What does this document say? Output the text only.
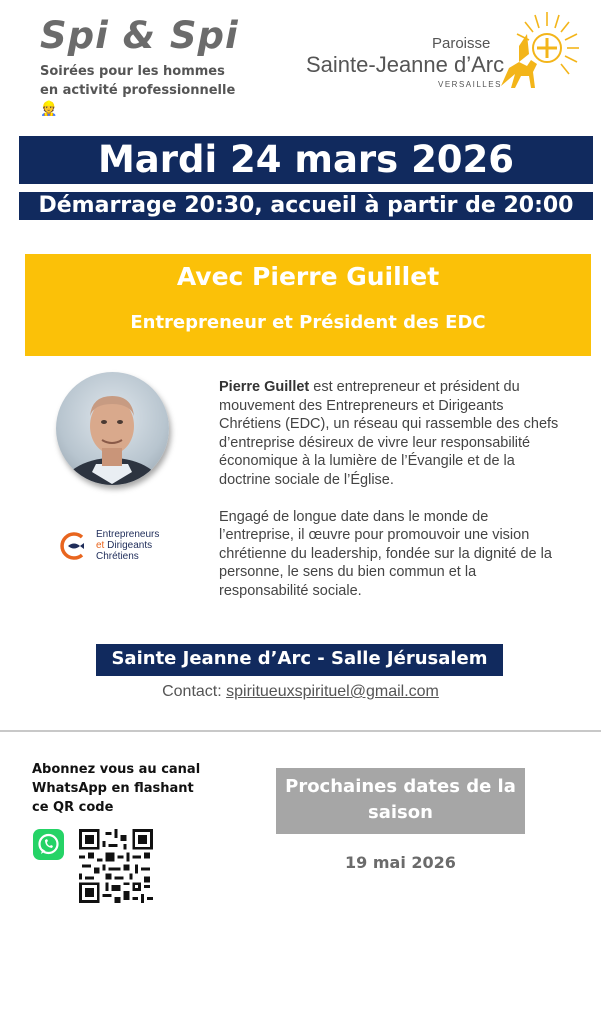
Spi & Spi
Soirées pour les hommes en activité professionnelle 👷
Paroisse
Sainte-Jeanne d’Arc
VERSAILLES
Mardi 24 mars 2026
Démarrage 20:30, accueil à partir de 20:00
Avec Pierre Guillet
Entrepreneur et Président des EDC
Entrepreneurs
et Dirigeants
Chrétiens

Pierre Guillet est entrepreneur et président du mouvement des Entrepreneurs et Dirigeants Chrétiens (EDC), un réseau qui rassemble des chefs d’entreprise désireux de vivre leur responsabilité économique à la lumière de l’Évangile et de la doctrine sociale de l’Église.

Engagé de longue date dans le monde de l’entreprise, il œuvre pour promouvoir une vision chrétienne du leadership, fondée sur la dignité de la personne, le sens du bien commun et la responsabilité sociale.

Sainte Jeanne d’Arc - Salle Jérusalem
Contact: spiritueuxspirituel@gmail.com
Abonnez vous au canal WhatsApp en flashant ce QR code
Prochaines dates de la saison
19 mai 2026
